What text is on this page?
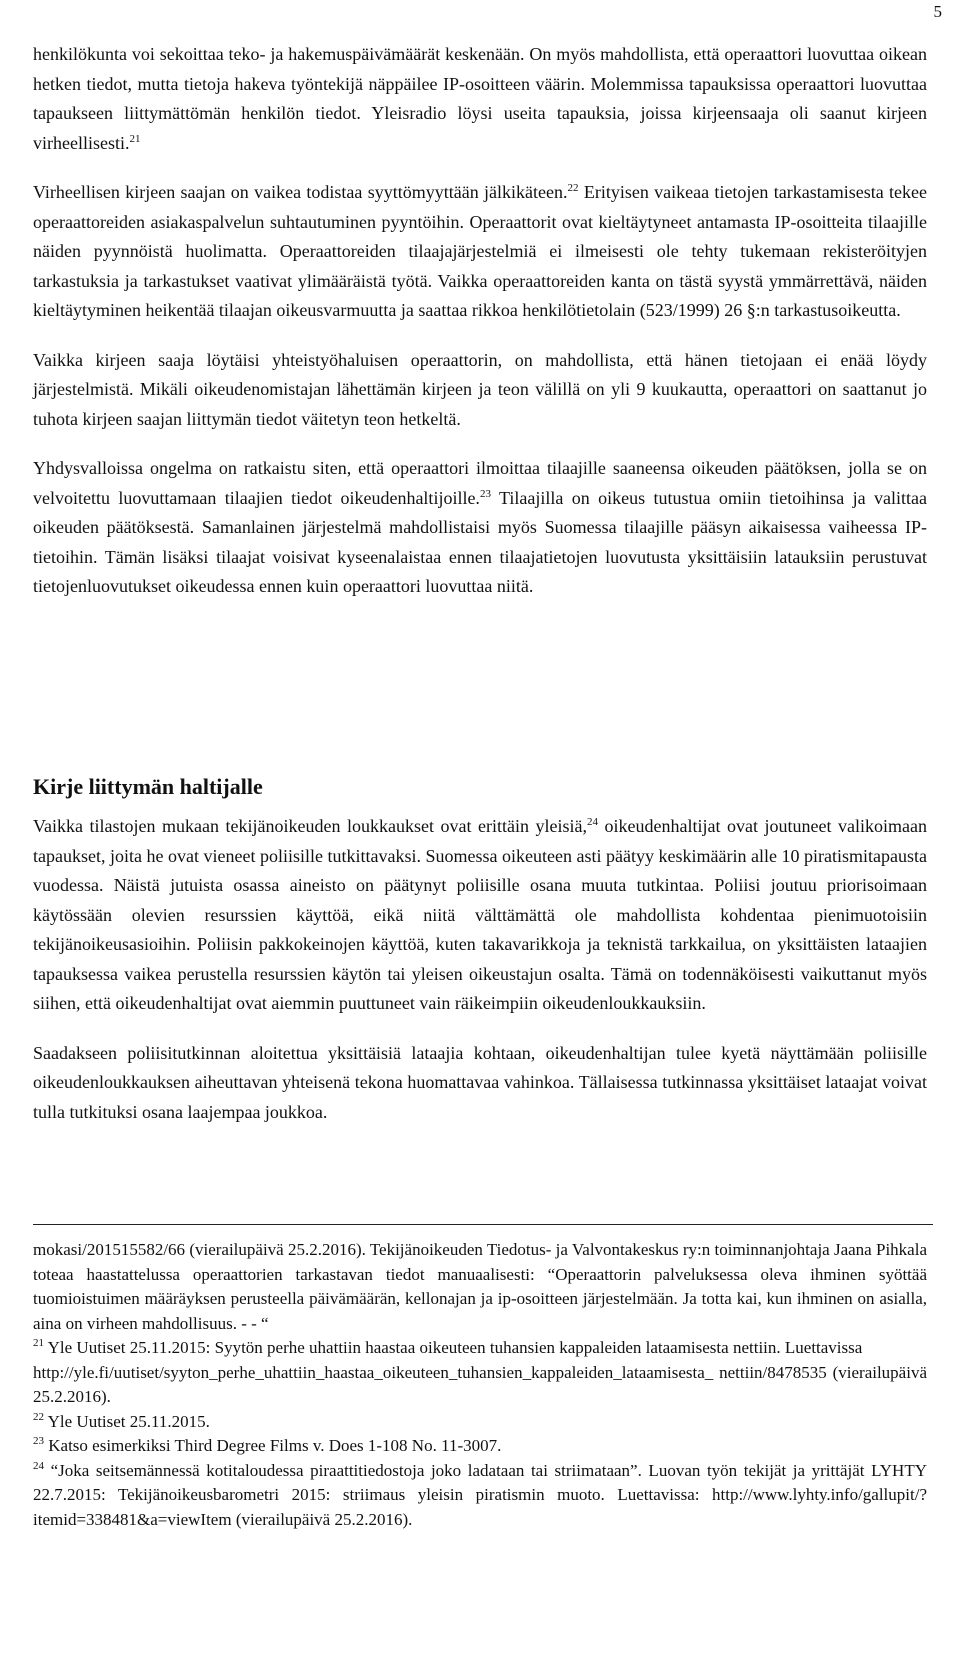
5

henkilökunta voi sekoittaa teko- ja hakemuspäivämäärät keskenään. On myös mahdollista, että operaattori luovuttaa oikean hetken tiedot, mutta tietoja hakeva työntekijä näppäilee IP-osoitteen väärin. Molemmissa tapauksissa operaattori luovuttaa tapaukseen liittymättömän henkilön tiedot. Yleisradio löysi useita tapauksia, joissa kirjeensaaja oli saanut kirjeen virheellisesti.$^{21}$

Virheellisen kirjeen saajan on vaikea todistaa syyttömyyttään jälkikäteen.$^{22}$ Erityisen vaikeaa tietojen tarkastamisesta tekee operaattoreiden asiakaspalvelun suhtautuminen pyyntöihin. Operaattorit ovat kieltäytyneet antamasta IP-osoitteita tilaajille näiden pyynnöistä huolimatta. Operaattoreiden tilaajajärjestelmiä ei ilmeisesti ole tehty tukemaan rekisteröityjen tarkastuksia ja tarkastukset vaativat ylimääräistä työtä. Vaikka operaattoreiden kanta on tästä syystä ymmärrettävä, näiden kieltäytyminen heikentää tilaajan oikeusvarmuutta ja saattaa rikkoa henkilötietolain (523/1999) 26 §:n tarkastusoikeutta.

Vaikka kirjeen saaja löytäisi yhteistyöhaluisen operaattorin, on mahdollista, että hänen tietojaan ei enää löydy järjestelmistä. Mikäli oikeudenomistajan lähettämän kirjeen ja teon välillä on yli 9 kuukautta, operaattori on saattanut jo tuhota kirjeen saajan liittymän tiedot väitetyn teon hetkeltä.

Yhdysvalloissa ongelma on ratkaistu siten, että operaattori ilmoittaa tilaajille saaneensa oikeuden päätöksen, jolla se on velvoitettu luovuttamaan tilaajien tiedot oikeudenhaltijoille.$^{23}$ Tilaajilla on oikeus tutustua omiin tietoihinsa ja valittaa oikeuden päätöksestä. Samanlainen järjestelmä mahdollistaisi myös Suomessa tilaajille pääsyn aikaisessa vaiheessa IP-tietoihin. Tämän lisäksi tilaajat voisivat kyseenalaistaa ennen tilaajatietojen luovutusta yksittäisiin latauksiin perustuvat tietojenluovutukset oikeudessa ennen kuin operaattori luovuttaa niitä.

Kirje liittymän haltijalle

Vaikka tilastojen mukaan tekijänoikeuden loukkaukset ovat erittäin yleisiä,$^{24}$ oikeudenhaltijat ovat joutuneet valikoimaan tapaukset, joita he ovat vieneet poliisille tutkittavaksi. Suomessa oikeuteen asti päätyy keskimäärin alle 10 piratismitapausta vuodessa. Näistä jutuista osassa aineisto on päätynyt poliisille osana muuta tutkintaa. Poliisi joutuu priorisoimaan käytössään olevien resurssien käyttöä, eikä niitä välttämättä ole mahdollista kohdentaa pienimuotoisiin tekijänoikeusasioihin. Poliisin pakkokeinojen käyttöä, kuten takavarikkoja ja teknistä tarkkailua, on yksittäisten lataajien tapauksessa vaikea perustella resurssien käytön tai yleisen oikeustajun osalta. Tämä on todennäköisesti vaikuttanut myös siihen, että oikeudenhaltijat ovat aiemmin puuttuneet vain räikeimpiin oikeudenloukkauksiin.

Saadakseen poliisitutkinnan aloitettua yksittäisiä lataajia kohtaan, oikeudenhaltijan tulee kyetä näyttämään poliisille oikeudenloukkauksen aiheuttavan yhteisenä tekona huomattavaa vahinkoa. Tällaisessa tutkinnassa yksittäiset lataajat voivat tulla tutkituksi osana laajempaa joukkoa.

mokasi/201515582/66 (vierailupäivä 25.2.2016). Tekijänoikeuden Tiedotus- ja Valvontakeskus ry:n toiminnanjohtaja Jaana Pihkala toteaa haastattelussa operaattorien tarkastavan tiedot manuaalisesti: “Operaattorin palveluksessa oleva ihminen syöttää tuomioistuimen määräyksen perusteella päivämäärän, kellonajan ja ip-osoitteen järjestelmään. Ja totta kai, kun ihminen on asialla, aina on virheen mahdollisuus. - - “

$^{21}$ Yle Uutiset 25.11.2015: Syytön perhe uhattiin haastaa oikeuteen tuhansien kappaleiden lataamisesta nettiin. Luettavissa
http://yle.fi/uutiset/syyton_perhe_uhattiin_haastaa_oikeuteen_tuhansien_kappaleiden_lataamisesta_ nettiin/8478535 (vierailupäivä 25.2.2016).

$^{22}$ Yle Uutiset 25.11.2015.

$^{23}$ Katso esimerkiksi Third Degree Films v. Does 1-108 No. 11-3007.

$^{24}$ “Joka seitsemännessä kotitaloudessa piraattitiedostoja joko ladataan tai striimataan”. Luovan työn tekijät ja yrittäjät LYHTY 22.7.2015: Tekijänoikeusbarometri 2015: striimaus yleisin piratismin muoto. Luettavissa: http://www.lyhty.info/gallupit/?itemid=338481&a=viewItem (vierailupäivä 25.2.2016).
